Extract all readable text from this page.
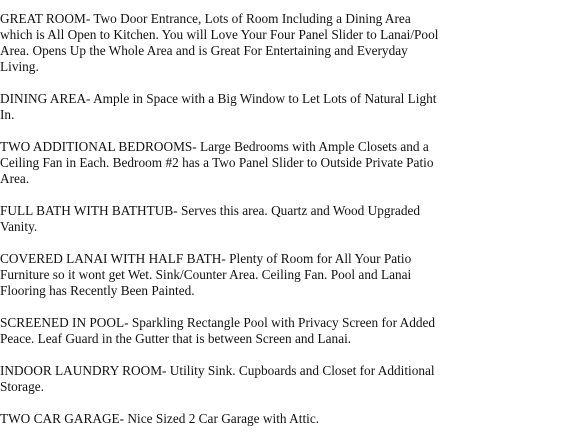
GREAT ROOM- Two Door Entrance, Lots of Room Including a Dining Area which is All Open to Kitchen. You will Love Your Four Panel Slider to Lanai/Pool Area. Opens Up the Whole Area and is Great For Entertaining and Everyday Living.

DINING AREA- Ample in Space with a Big Window to Let Lots of Natural Light In.

TWO ADDITIONAL BEDROOMS- Large Bedrooms with Ample Closets and a Ceiling Fan in Each. Bedroom #2 has a Two Panel Slider to Outside Private Patio Area.

FULL BATH WITH BATHTUB- Serves this area. Quartz and Wood Upgraded Vanity.

COVERED LANAI WITH HALF BATH- Plenty of Room for All Your Patio Furniture so it wont get Wet. Sink/Counter Area. Ceiling Fan. Pool and Lanai Flooring has Recently Been Painted.

SCREENED IN POOL- Sparkling Rectangle Pool with Privacy Screen for Added Peace. Leaf Guard in the Gutter that is between Screen and Lanai.

INDOOR LAUNDRY ROOM- Utility Sink. Cupboards and Closet for Additional Storage.

TWO CAR GARAGE- Nice Sized 2 Car Garage with Attic.
